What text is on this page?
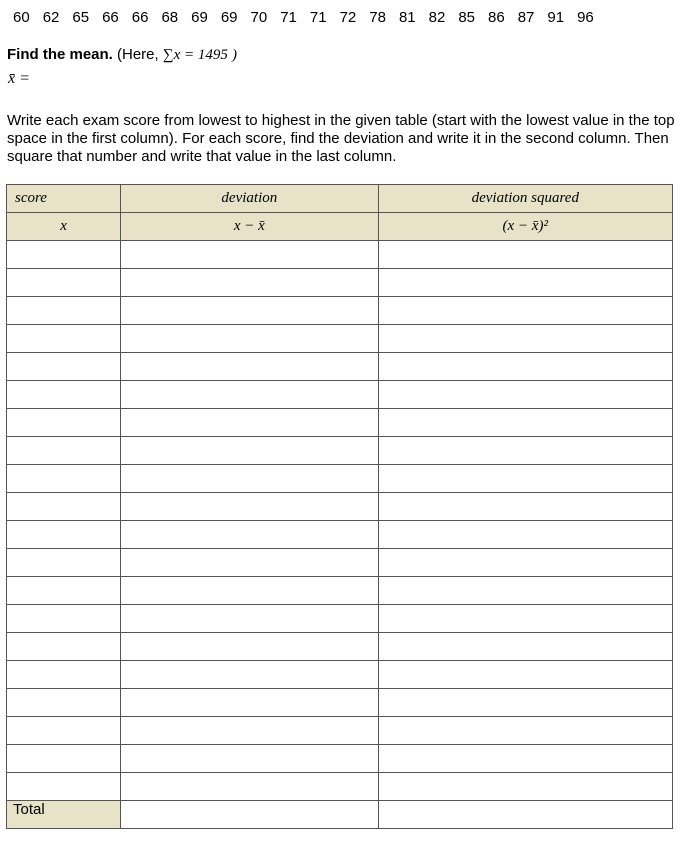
60 62 65 66 66 68 69 69 70 71 71 72 78 81 82 85 86 87 91 96
Find the mean. (Here, ∑x = 1495 )
x̄ =
Write each exam score from lowest to highest in the given table (start with the lowest value in the top space in the first column). For each score, find the deviation and write it in the second column. Then square that number and write that value in the last column.
score	deviation	deviation squared
x	x − x̄	(x − x̄)²

Total		
